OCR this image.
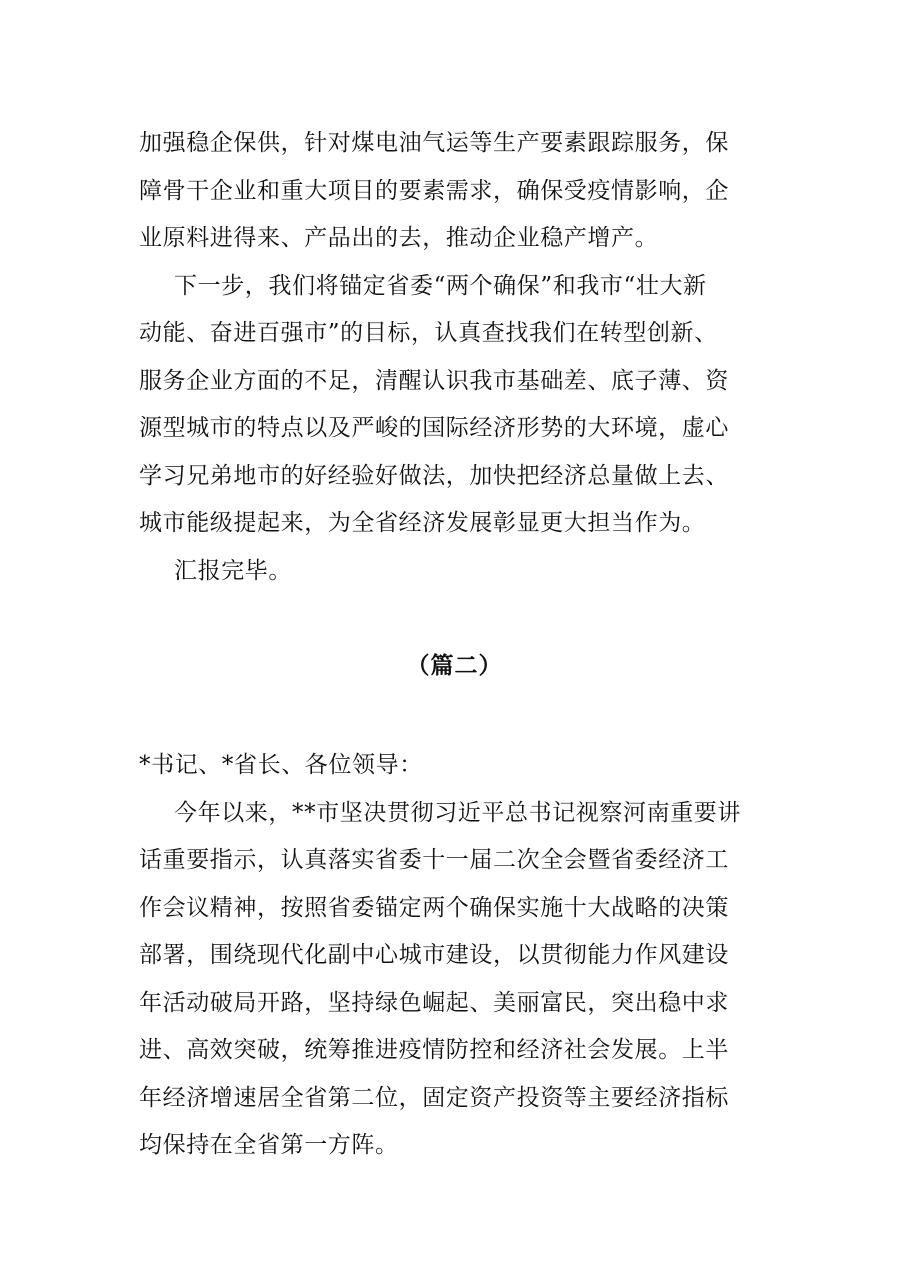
加强稳企保供，针对煤电油气运等生产要素跟踪服务，保
障骨干企业和重大项目的要素需求，确保受疫情影响，企
业原料进得来、产品出的去，推动企业稳产增产。
下一步，我们将锚定省委“两个确保”和我市“壮大新
动能、奋进百强市”的目标，认真查找我们在转型创新、
服务企业方面的不足，清醒认识我市基础差、底子薄、资
源型城市的特点以及严峻的国际经济形势的大环境，虚心
学习兄弟地市的好经验好做法，加快把经济总量做上去、
城市能级提起来，为全省经济发展彰显更大担当作为。
汇报完毕。
（篇二）
*书记、*省长、各位领导：
今年以来，**市坚决贯彻习近平总书记视察河南重要讲
话重要指示，认真落实省委十一届二次全会暨省委经济工
作会议精神，按照省委锚定两个确保实施十大战略的决策
部署，围绕现代化副中心城市建设，以贯彻能力作风建设
年活动破局开路，坚持绿色崛起、美丽富民，突出稳中求
进、高效突破，统筹推进疫情防控和经济社会发展。上半
年经济增速居全省第二位，固定资产投资等主要经济指标
均保持在全省第一方阵。
